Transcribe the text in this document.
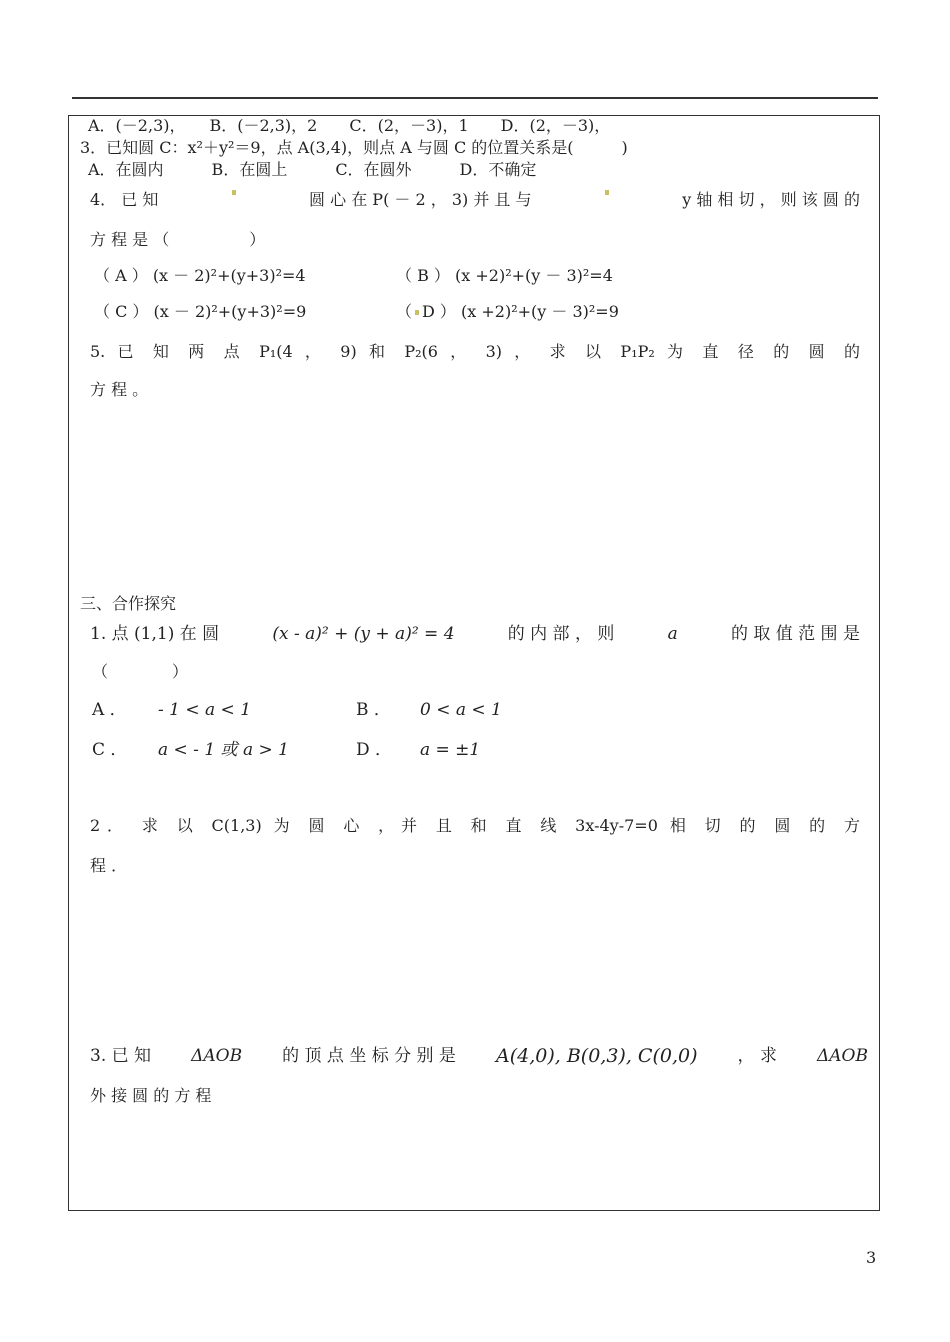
A．(－2,3)，　　B．(－2,3)，2　　C．(2，－3)，1　　D．(2，－3)，
3．已知圆 C：x²＋y²＝9，点 A(3,4)，则点 A 与圆 C 的位置关系是(　　　)
A．在圆内　　　B．在圆上　　　C．在圆外　　　D．不确定
4． 已 知	圆 心 在 P( － 2 ， 3) 并 且 与	y 轴 相 切 ， 则 该 圆 的
方 程 是 （　　　　　）
（ A ） (x － 2)²+(y+3)²=4	（ B ） (x +2)²+(y － 3)²=4
（ C ） (x － 2)²+(y+3)²=9	（ D ） (x +2)²+(y － 3)²=9
5. 已 知 两 点 P₁(4 ， 9) 和 P₂(6 ， 3) ， 求 以 P₁P₂ 为 直 径 的 圆 的
方 程 。
三、合作探究
1. 点 (1,1) 在 圆	(x - a)² + (y + a)² = 4	的 内 部 ， 则	a	的 取 值 范 围 是
（　　　　）
A ． - 1 < a < 1	B ． 0 < a < 1
C ． a < - 1 或 a > 1	D ． a = ±1
2． 求 以 C(1,3) 为 圆 心 ，并 且 和 直 线 3x-4y-7=0 相 切 的 圆 的 方
程 ．
3. 已 知 ΔAOB 的 顶 点 坐 标 分 别 是 A(4,0), B(0,3), C(0,0) ， 求 ΔAOB
外 接 圆 的 方 程
3
